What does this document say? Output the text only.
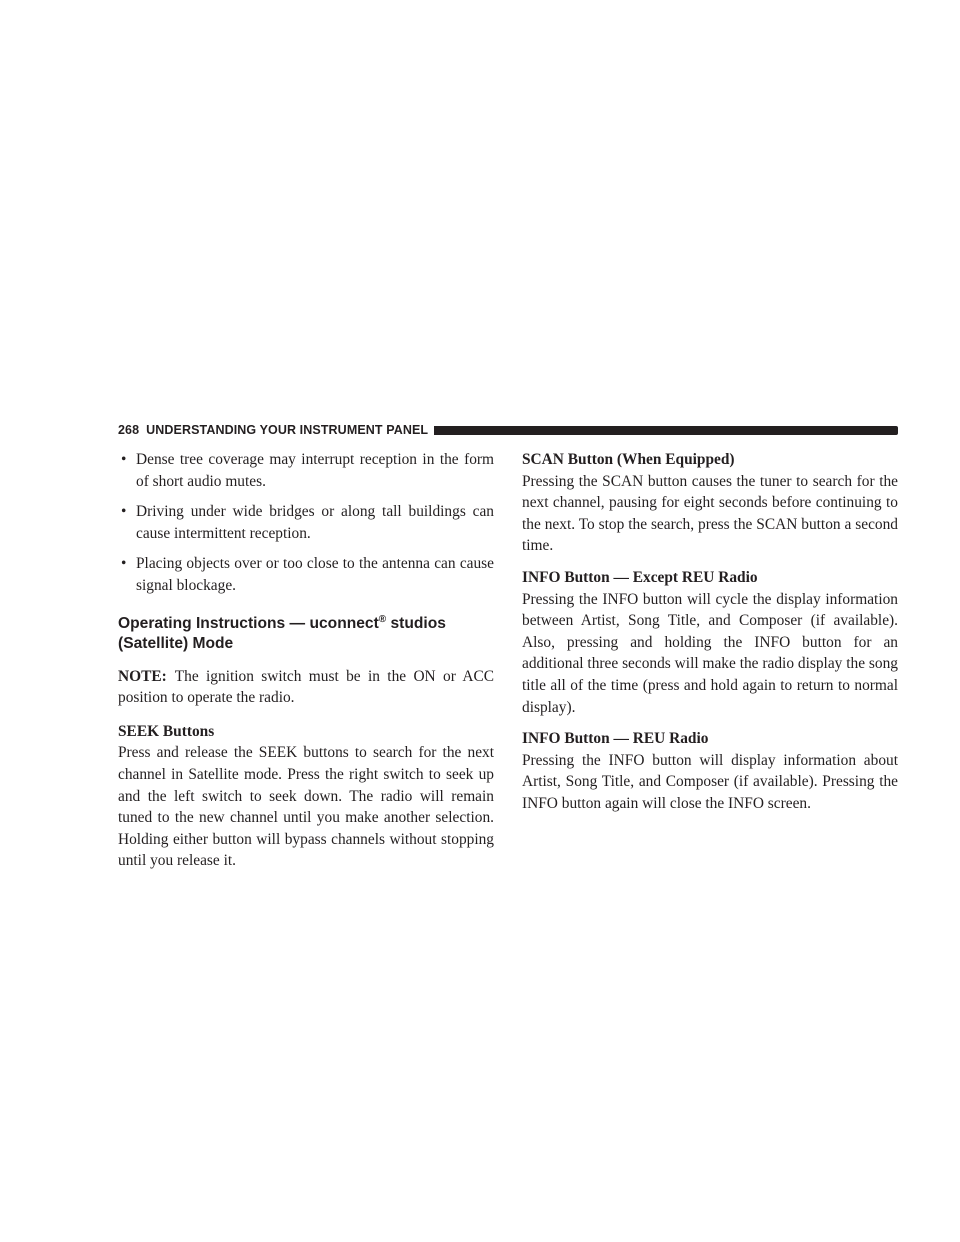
268 UNDERSTANDING YOUR INSTRUMENT PANEL
• Dense tree coverage may interrupt reception in the form of short audio mutes.
• Driving under wide bridges or along tall buildings can cause intermittent reception.
• Placing objects over or too close to the antenna can cause signal blockage.
Operating Instructions — uconnect® studios (Satellite) Mode

NOTE: The ignition switch must be in the ON or ACC position to operate the radio.

SEEK Buttons

Press and release the SEEK buttons to search for the next channel in Satellite mode. Press the right switch to seek up and the left switch to seek down. The radio will remain tuned to the new channel until you make another selection. Holding either button will bypass channels without stopping until you release it.

SCAN Button (When Equipped)

Pressing the SCAN button causes the tuner to search for the next channel, pausing for eight seconds before continuing to the next. To stop the search, press the SCAN button a second time.

INFO Button — Except REU Radio

Pressing the INFO button will cycle the display information between Artist, Song Title, and Composer (if available). Also, pressing and holding the INFO button for an additional three seconds will make the radio display the song title all of the time (press and hold again to return to normal display).

INFO Button — REU Radio

Pressing the INFO button will display information about Artist, Song Title, and Composer (if available). Pressing the INFO button again will close the INFO screen.
